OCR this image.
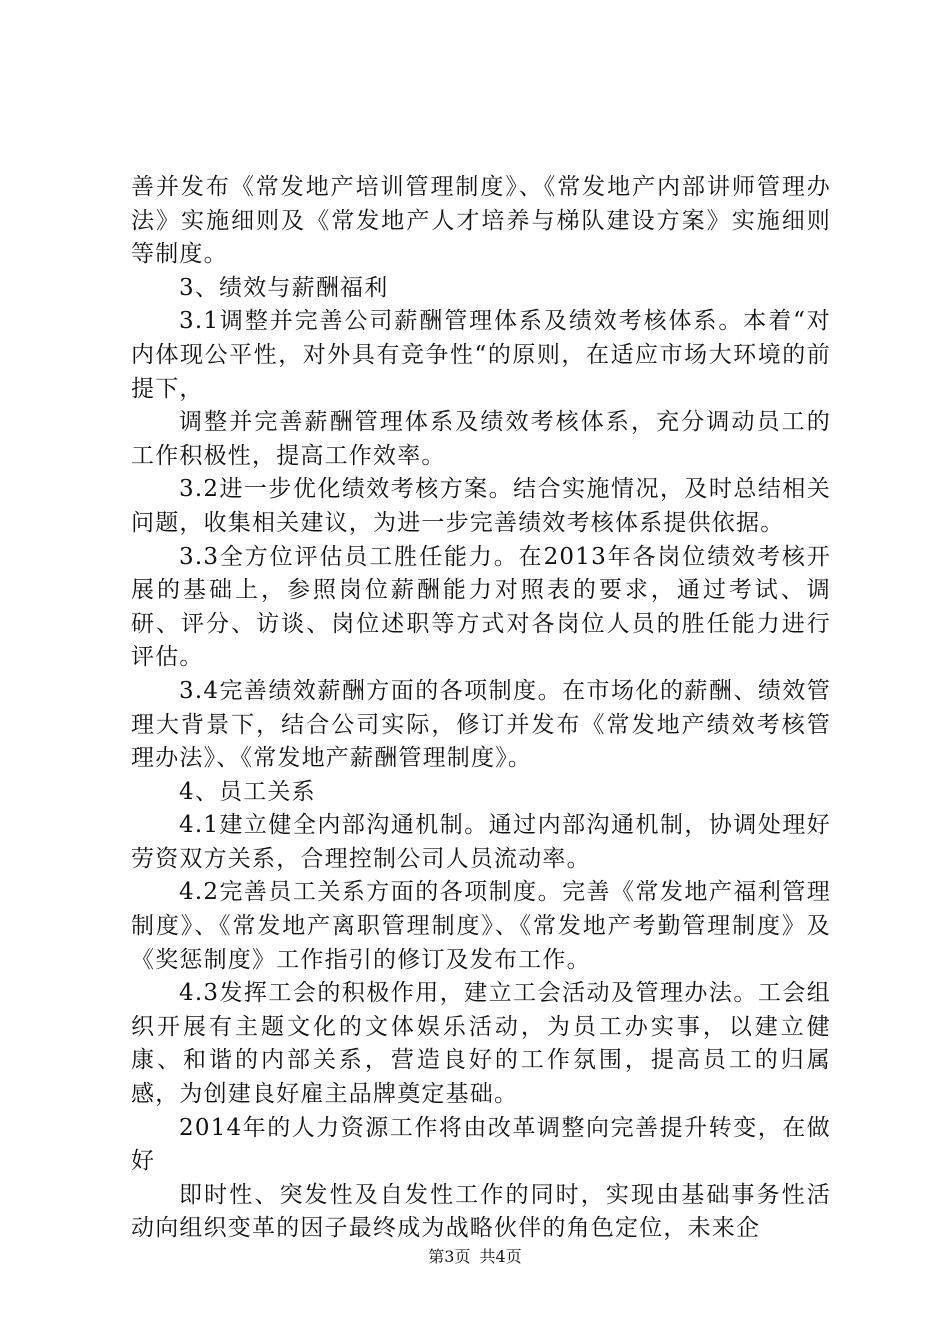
善并发布《常发地产培训管理制度》、《常发地产内部讲师管理办法》实施细则及《常发地产人才培养与梯队建设方案》实施细则等制度。

3、绩效与薪酬福利

3.1调整并完善公司薪酬管理体系及绩效考核体系。本着“对内体现公平性，对外具有竞争性“的原则，在适应市场大环境的前提下，

调整并完善薪酬管理体系及绩效考核体系，充分调动员工的工作积极性，提高工作效率。

3.2进一步优化绩效考核方案。结合实施情况，及时总结相关问题，收集相关建议，为进一步完善绩效考核体系提供依据。

3.3全方位评估员工胜任能力。在2013年各岗位绩效考核开展的基础上，参照岗位薪酬能力对照表的要求，通过考试、调研、评分、访谈、岗位述职等方式对各岗位人员的胜任能力进行评估。

3.4完善绩效薪酬方面的各项制度。在市场化的薪酬、绩效管理大背景下，结合公司实际，修订并发布《常发地产绩效考核管理办法》、《常发地产薪酬管理制度》。

4、员工关系

4.1建立健全内部沟通机制。通过内部沟通机制，协调处理好劳资双方关系，合理控制公司人员流动率。

4.2完善员工关系方面的各项制度。完善《常发地产福利管理制度》、《常发地产离职管理制度》、《常发地产考勤管理制度》及《奖惩制度》工作指引的修订及发布工作。

4.3发挥工会的积极作用，建立工会活动及管理办法。工会组织开展有主题文化的文体娱乐活动，为员工办实事，以建立健康、和谐的内部关系，营造良好的工作氛围，提高员工的归属感，为创建良好雇主品牌奠定基础。

2014年的人力资源工作将由改革调整向完善提升转变，在做好

即时性、突发性及自发性工作的同时，实现由基础事务性活动向组织变革的因子最终成为战略伙伴的角色定位，未来企

第3页 共4页
